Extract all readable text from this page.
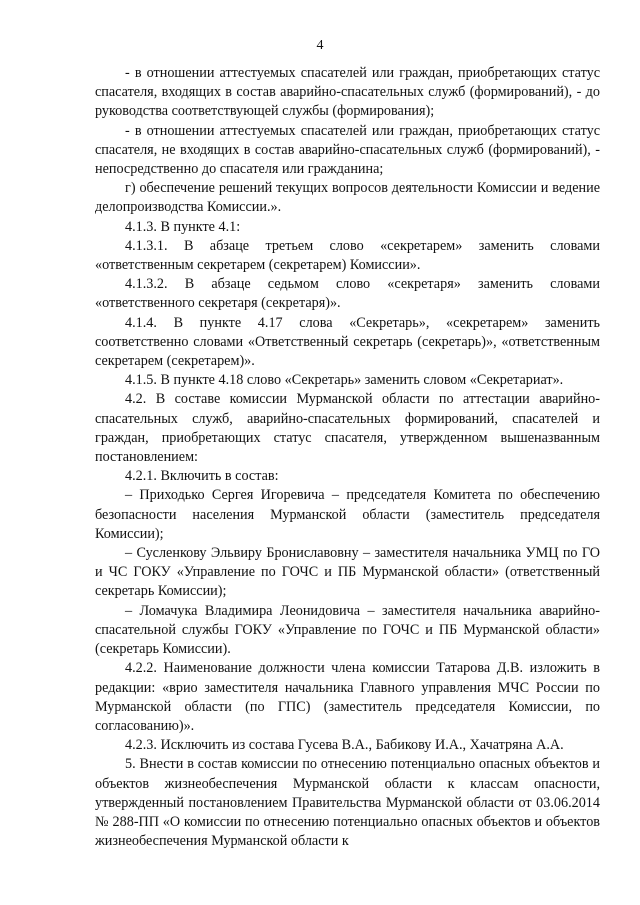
4

- в отношении аттестуемых спасателей или граждан, приобретающих статус спасателя, входящих в состав аварийно-спасательных служб (формирований), - до руководства соответствующей службы (формирования);

- в отношении аттестуемых спасателей или граждан, приобретающих статус спасателя, не входящих в состав аварийно-спасательных служб (формирований), - непосредственно до спасателя или гражданина;

г) обеспечение решений текущих вопросов деятельности Комиссии и ведение делопроизводства Комиссии.».

4.1.3. В пункте 4.1:

4.1.3.1. В абзаце третьем слово «секретарем» заменить словами «ответственным секретарем (секретарем) Комиссии».

4.1.3.2. В абзаце седьмом слово «секретаря» заменить словами «ответственного секретаря (секретаря)».

4.1.4. В пункте 4.17 слова «Секретарь», «секретарем» заменить соответственно словами «Ответственный секретарь (секретарь)», «ответственным секретарем (секретарем)».

4.1.5. В пункте 4.18 слово «Секретарь» заменить словом «Секретариат».

4.2. В составе комиссии Мурманской области по аттестации аварийно-спасательных служб, аварийно-спасательных формирований, спасателей и граждан, приобретающих статус спасателя, утвержденном вышеназванным постановлением:

4.2.1. Включить в состав:

– Приходько Сергея Игоревича – председателя Комитета по обеспечению безопасности населения Мурманской области (заместитель председателя Комиссии);

– Сусленкову Эльвиру Брониславовну – заместителя начальника УМЦ по ГО и ЧС ГОКУ «Управление по ГОЧС и ПБ Мурманской области» (ответственный секретарь Комиссии);

– Ломачука Владимира Леонидовича – заместителя начальника аварийно-спасательной службы ГОКУ «Управление по ГОЧС и ПБ Мурманской области» (секретарь Комиссии).

4.2.2. Наименование должности члена комиссии Татарова Д.В. изложить в редакции: «врио заместителя начальника Главного управления МЧС России по Мурманской области (по ГПС) (заместитель председателя Комиссии, по согласованию)».

4.2.3. Исключить из состава Гусева В.А., Бабикову И.А., Хачатряна А.А.

5. Внести в состав комиссии по отнесению потенциально опасных объектов и объектов жизнеобеспечения Мурманской области к классам опасности, утвержденный постановлением Правительства Мурманской области от 03.06.2014 № 288-ПП «О комиссии по отнесению потенциально опасных объектов и объектов жизнеобеспечения Мурманской области к
